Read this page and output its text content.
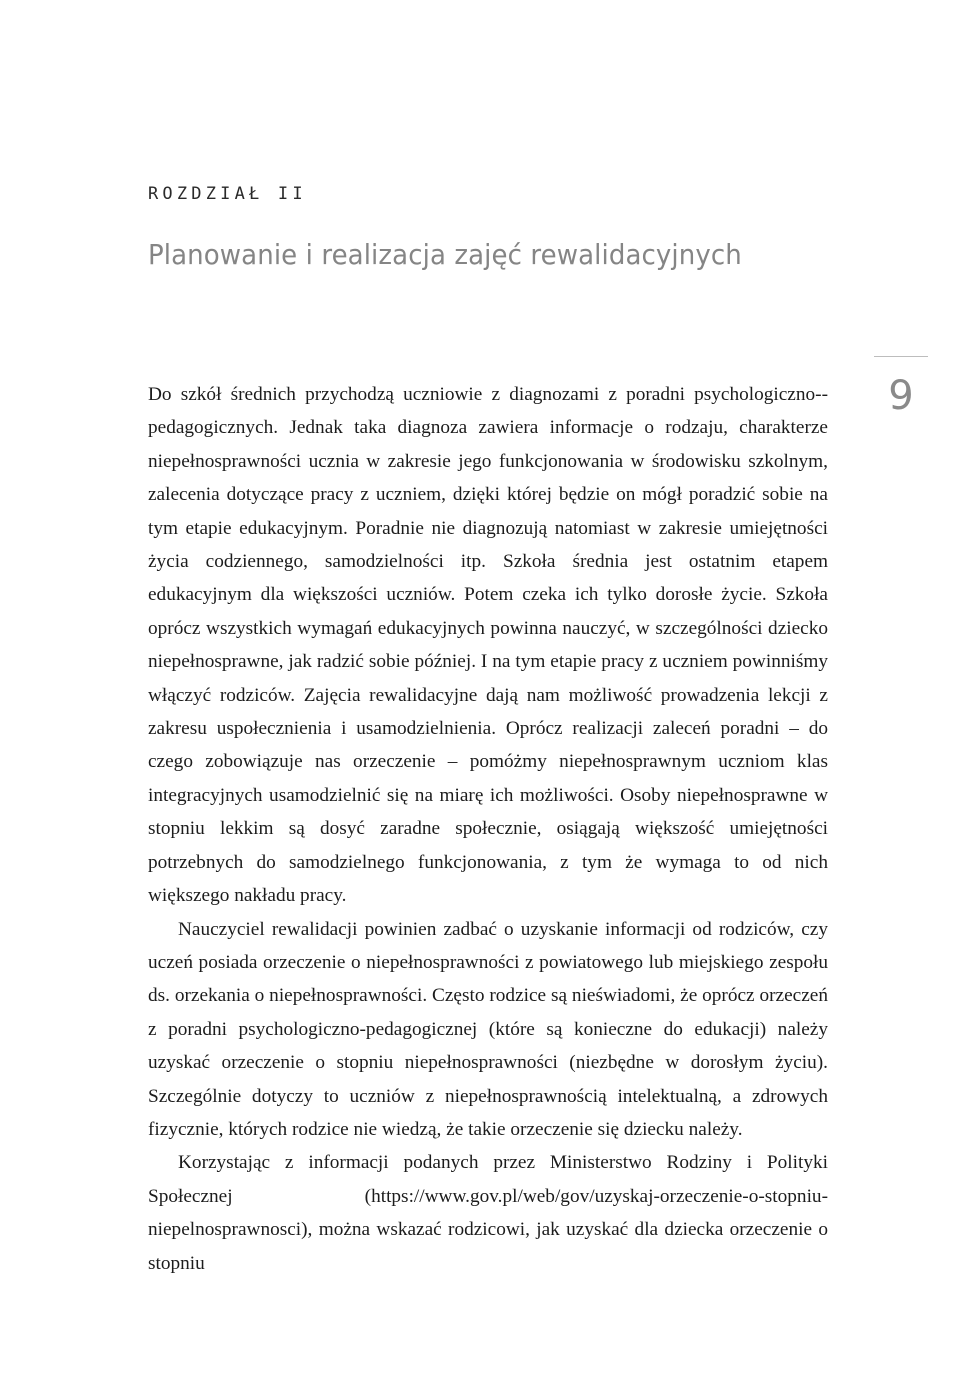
ROZDZIAŁ II
Planowanie i realizacja zajęć rewalidacyjnych
9

Do szkół średnich przychodzą uczniowie z diagnozami z poradni psychologiczno--pedagogicznych. Jednak taka diagnoza zawiera informacje o rodzaju, charakterze niepełnosprawności ucznia w zakresie jego funkcjonowania w środowisku szkolnym, zalecenia dotyczące pracy z uczniem, dzięki której będzie on mógł poradzić sobie na tym etapie edukacyjnym. Poradnie nie diagnozują natomiast w zakresie umiejętności życia codziennego, samodzielności itp. Szkoła średnia jest ostatnim etapem edukacyjnym dla większości uczniów. Potem czeka ich tylko dorosłe życie. Szkoła oprócz wszystkich wymagań edukacyjnych powinna nauczyć, w szczególności dziecko niepełnosprawne, jak radzić sobie później. I na tym etapie pracy z uczniem powinniśmy włączyć rodziców. Zajęcia rewalidacyjne dają nam możliwość prowadzenia lekcji z zakresu uspołecznienia i usamodzielnienia. Oprócz realizacji zaleceń poradni – do czego zobowiązuje nas orzeczenie – pomóżmy niepełnosprawnym uczniom klas integracyjnych usamodzielnić się na miarę ich możliwości. Osoby niepełnosprawne w stopniu lekkim są dosyć zaradne społecznie, osiągają większość umiejętności potrzebnych do samodzielnego funkcjonowania, z tym że wymaga to od nich większego nakładu pracy.

Nauczyciel rewalidacji powinien zadbać o uzyskanie informacji od rodziców, czy uczeń posiada orzeczenie o niepełnosprawności z powiatowego lub miejskiego zespołu ds. orzekania o niepełnosprawności. Często rodzice są nieświadomi, że oprócz orzeczeń z poradni psychologiczno-pedagogicznej (które są konieczne do edukacji) należy uzyskać orzeczenie o stopniu niepełnosprawności (niezbędne w dorosłym życiu). Szczególnie dotyczy to uczniów z niepełnosprawnością intelektualną, a zdrowych fizycznie, których rodzice nie wiedzą, że takie orzeczenie się dziecku należy.

Korzystając z informacji podanych przez Ministerstwo Rodziny i Polityki Społecznej (https://www.gov.pl/web/gov/uzyskaj-orzeczenie-o-stopniu-niepelnosprawnosci), można wskazać rodzicowi, jak uzyskać dla dziecka orzeczenie o stopniu
